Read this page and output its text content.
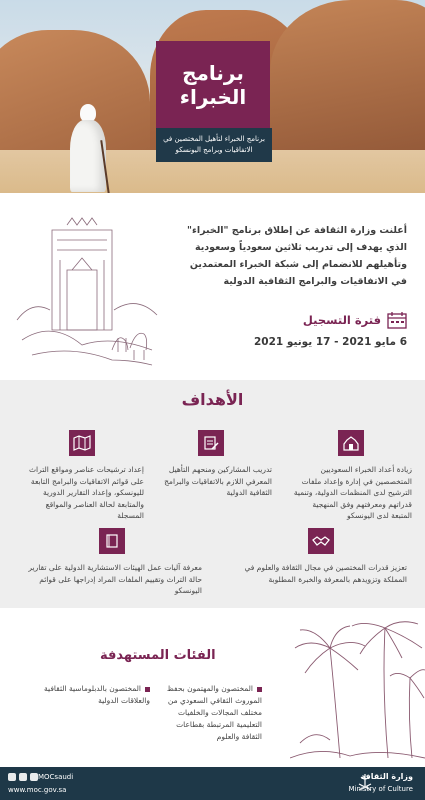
برنامج
الخبراء
برنامج الخبراء لتأهيل المختصين في الاتفاقيات وبرامج اليونسكو
أعلنت وزارة الثقافة عن إطلاق برنامج "الخبراء" الذي يهدف إلى تدريب ثلاثين سعودياً وسعودية وتأهيلهم للانضمام إلى شبكة الخبراء المعتمدين في الاتفاقيات والبرامج الثقافية الدولية
فترة التسجيل
6 مايو 2021 - 17 يونيو 2021
الأهداف
زيادة أعداد الخبراء السعوديين المتخصصين في إدارة وإعداد ملفات الترشيح لدى المنظمات الدولية، وتنمية قدراتهم ومعرفتهم وفق المنهجية المتبعة لدى اليونسكو
تدريب المشاركين ومنحهم التأهيل المعرفي اللازم بالاتفاقيات والبرامج الثقافية الدولية
إعداد ترشيحات عناصر ومواقع التراث على قوائم الاتفاقيات والبرامج التابعة لليونسكو، وإعداد التقارير الدورية والمتابعة لحالة العناصر والمواقع المسجلة
تعزيز قدرات المختصين في مجال الثقافة والعلوم في المملكة وتزويدهم بالمعرفة والخبرة المطلوبة
معرفة آليات عمل الهيئات الاستشارية الدولية على تقارير حالة التراث وتقييم الملفات المراد إدراجها على قوائم اليونسكو
الفئات المستهدفة
المختصون والمهتمون بحفظ الموروث الثقافي السعودي من مختلف المجالات والخلفيات التعليمية المرتبطة بقطاعات الثقافة والعلوم
المختصون بالدبلوماسية الثقافية والعلاقات الدولية
MOCsaudi
www.moc.gov.sa
وزارة الثقافة
Ministry of Culture
